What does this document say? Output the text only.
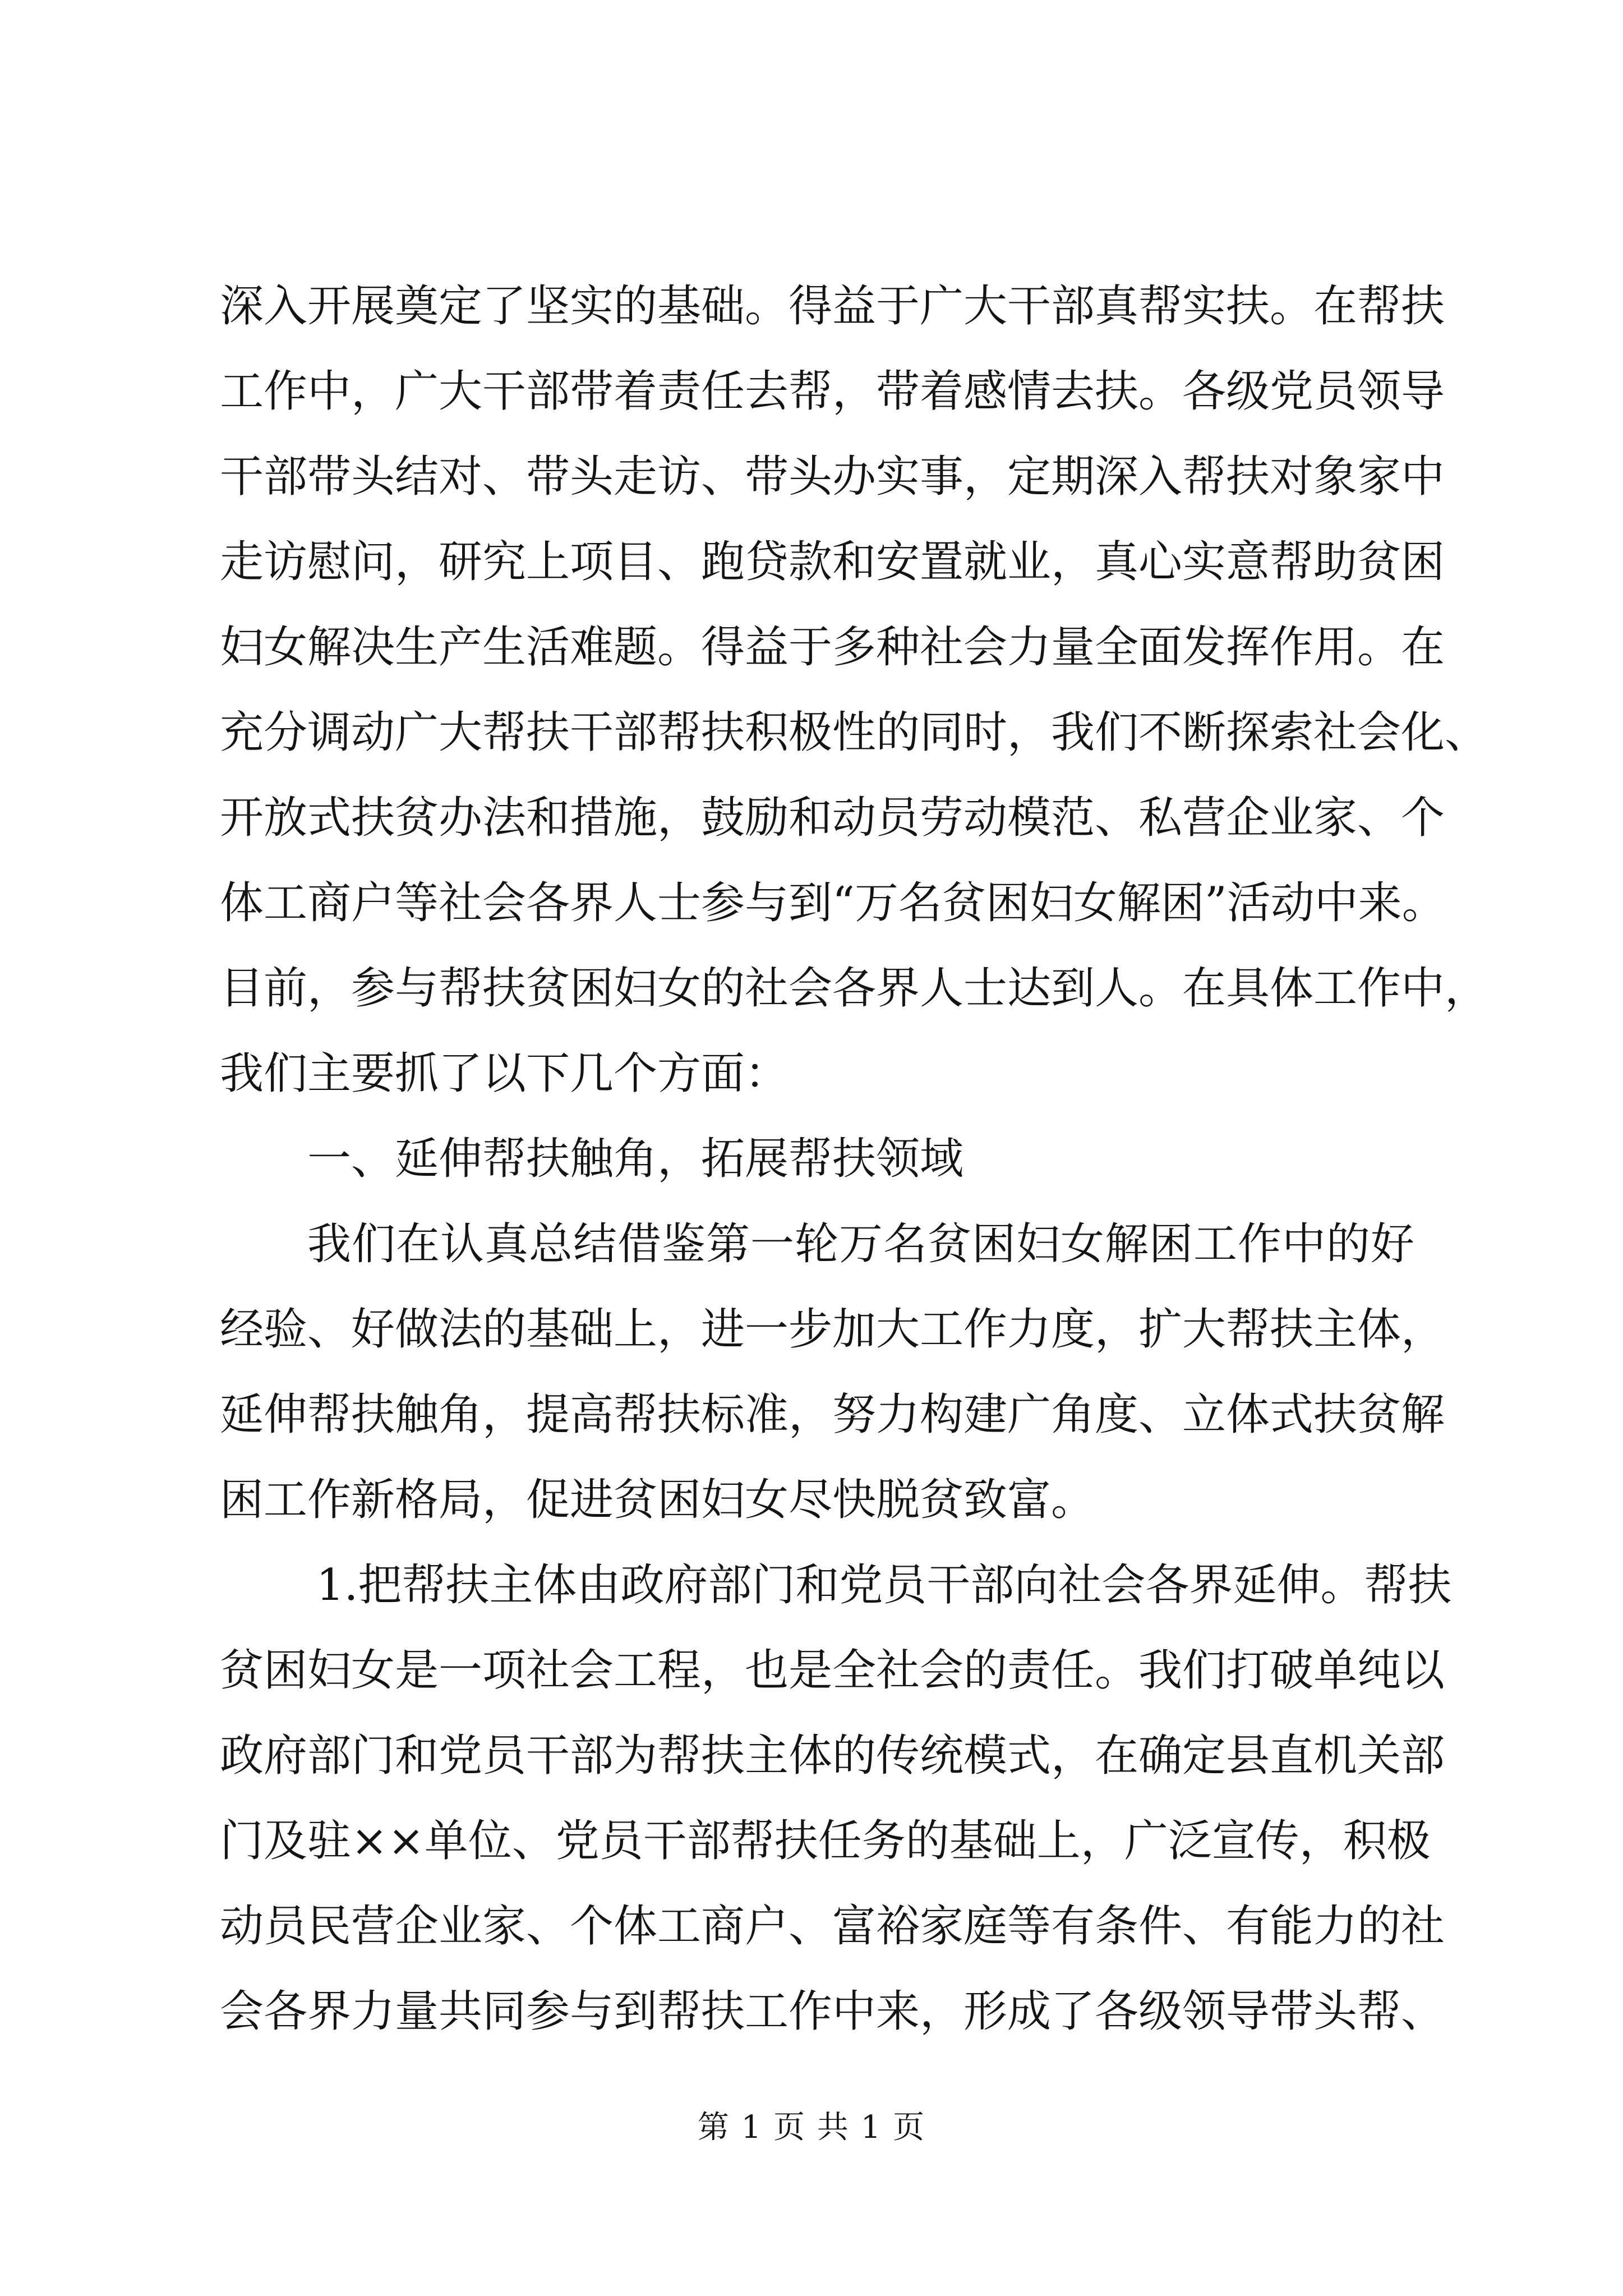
深入开展奠定了坚实的基础。得益于广大干部真帮实扶。在帮扶
工作中，广大干部带着责任去帮，带着感情去扶。各级党员领导
干部带头结对、带头走访、带头办实事，定期深入帮扶对象家中
走访慰问，研究上项目、跑贷款和安置就业，真心实意帮助贫困
妇女解决生产生活难题。得益于多种社会力量全面发挥作用。在
充分调动广大帮扶干部帮扶积极性的同时，我们不断探索社会化、
开放式扶贫办法和措施，鼓励和动员劳动模范、私营企业家、个
体工商户等社会各界人士参与到“万名贫困妇女解困”活动中来。
目前，参与帮扶贫困妇女的社会各界人士达到人。在具体工作中，
我们主要抓了以下几个方面：
一、延伸帮扶触角，拓展帮扶领域
我们在认真总结借鉴第一轮万名贫困妇女解困工作中的好
经验、好做法的基础上，进一步加大工作力度，扩大帮扶主体，
延伸帮扶触角，提高帮扶标准，努力构建广角度、立体式扶贫解
困工作新格局，促进贫困妇女尽快脱贫致富。
1.把帮扶主体由政府部门和党员干部向社会各界延伸。帮扶
贫困妇女是一项社会工程，也是全社会的责任。我们打破单纯以
政府部门和党员干部为帮扶主体的传统模式，在确定县直机关部
门及驻××单位、党员干部帮扶任务的基础上，广泛宣传，积极
动员民营企业家、个体工商户、富裕家庭等有条件、有能力的社
会各界力量共同参与到帮扶工作中来，形成了各级领导带头帮、
第 1 页 共 1 页
